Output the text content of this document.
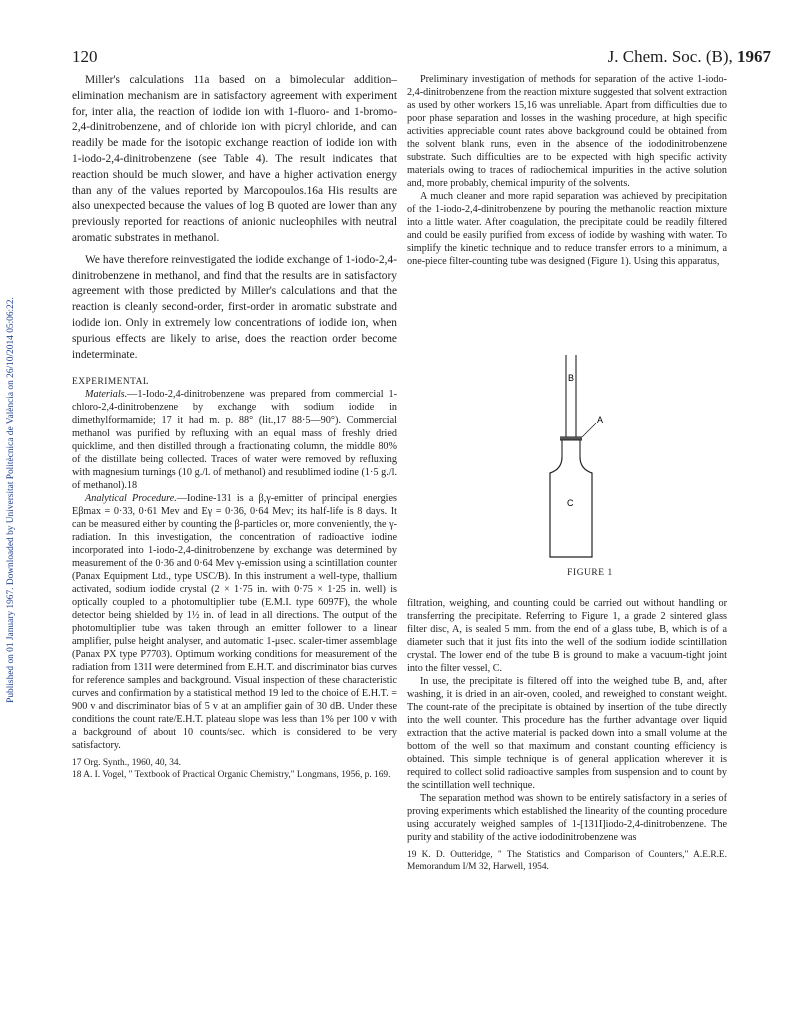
Published on 01 January 1967. Downloaded by Universitat Politècnica de València on 26/10/2014 05:06:22.
120	J. Chem. Soc. (B), 1967

Miller's calculations 11a based on a bimolecular addition–elimination mechanism are in satisfactory agreement with experiment for, inter alia, the reaction of iodide ion with 1-fluoro- and 1-bromo-2,4-dinitrobenzene, and of chloride ion with picryl chloride, and can readily be made for the isotopic exchange reaction of iodide ion with 1-iodo-2,4-dinitrobenzene (see Table 4). The result indicates that reaction should be much slower, and have a higher activation energy than any of the values reported by Marcopoulos.16a His results are also unexpected because the values of log B quoted are lower than any previously reported for reactions of anionic nucleophiles with neutral aromatic substrates in methanol.

We have therefore reinvestigated the iodide exchange of 1-iodo-2,4-dinitrobenzene in methanol, and find that the results are in satisfactory agreement with those predicted by Miller's calculations and that the reaction is cleanly second-order, first-order in aromatic substrate and iodide ion. Only in extremely low concentrations of iodide ion, when spurious effects are likely to arise, does the reaction order become indeterminate.

EXPERIMENTAL

Materials.—1-Iodo-2,4-dinitrobenzene was prepared from commercial 1-chloro-2,4-dinitrobenzene by exchange with sodium iodide in dimethylformamide; 17 it had m. p. 88° (lit.,17 88·5—90°). Commercial methanol was purified by refluxing with an equal mass of freshly dried quicklime, and then distilled through a fractionating column, the middle 80% of the distillate being collected. Traces of water were removed by refluxing with magnesium turnings (10 g./l. of methanol) and resublimed iodine (1·5 g./l. of methanol).18

Analytical Procedure.—Iodine-131 is a β,γ-emitter of principal energies Eβmax = 0·33, 0·61 Mev and Eγ = 0·36, 0·64 Mev; its half-life is 8 days. It can be measured either by counting the β-particles or, more conveniently, the γ-radiation. In this investigation, the concentration of radioactive iodine incorporated into 1-iodo-2,4-dinitrobenzene by exchange was determined by measurement of the 0·36 and 0·64 Mev γ-emission using a scintillation counter (Panax Equipment Ltd., type USC/B). In this instrument a well-type, thallium activated, sodium iodide crystal (2 × 1·75 in. with 0·75 × 1·25 in. well) is optically coupled to a photomultiplier tube (E.M.I. type 6097F), the whole detector being shielded by 1½ in. of lead in all directions. The output of the photomultiplier tube was taken through an emitter follower to a linear amplifier, pulse height analyser, and automatic 1-μsec. scaler-timer assemblage (Panax PX type P7703). Optimum working conditions for measurement of the radiation from 131I were determined from E.H.T. and discriminator bias curves for reference samples and background. Visual inspection of these characteristic curves and confirmation by a statistical method 19 led to the choice of E.H.T. = 900 v and discriminator bias of 5 v at an amplifier gain of 30 dB. Under these conditions the count rate/E.H.T. plateau slope was less than 1% per 100 v with a background of about 10 counts/sec. which is considered to be very satisfactory.

17 Org. Synth., 1960, 40, 34.

18 A. I. Vogel, " Textbook of Practical Organic Chemistry," Longmans, 1956, p. 169.

Preliminary investigation of methods for separation of the active 1-iodo-2,4-dinitrobenzene from the reaction mixture suggested that solvent extraction as used by other workers 15,16 was unreliable. Apart from difficulties due to poor phase separation and losses in the washing procedure, at high specific activities appreciable count rates above background could be obtained from the solvent blank runs, even in the absence of the iododinitrobenzene substrate. Such difficulties are to be expected with high specific activity materials owing to traces of radiochemical impurities in the active solution and, more probably, chemical impurity of the solvents.

A much cleaner and more rapid separation was achieved by precipitation of the 1-iodo-2,4-dinitrobenzene by pouring the methanolic reaction mixture into a little water. After coagulation, the precipitate could be readily filtered and could be easily purified from excess of iodide by washing with water. To simplify the kinetic technique and to reduce transfer errors to a minimum, a one-piece filter-counting tube was designed (Figure 1). Using this apparatus,

B
A
C
FIGURE 1

filtration, weighing, and counting could be carried out without handling or transferring the precipitate. Referring to Figure 1, a grade 2 sintered glass filter disc, A, is sealed 5 mm. from the end of a glass tube, B, which is of a diameter such that it just fits into the well of the sodium iodide scintillation crystal. The lower end of the tube B is ground to make a vacuum-tight joint into the filter vessel, C.

In use, the precipitate is filtered off into the weighed tube B, and, after washing, it is dried in an air-oven, cooled, and reweighed to constant weight. The count-rate of the precipitate is obtained by insertion of the tube directly into the well counter. This procedure has the further advantage over liquid extraction that the active material is packed down into a small volume at the bottom of the well so that maximum and constant counting efficiency is obtained. This simple technique is of general application wherever it is required to collect solid radioactive samples from suspension and to count by the scintillation well technique.

The separation method was shown to be entirely satisfactory in a series of proving experiments which established the linearity of the counting procedure using accurately weighed samples of 1-[131I]iodo-2,4-dinitrobenzene. The purity and stability of the active iododinitrobenzene was

19 K. D. Outteridge, " The Statistics and Comparison of Counters," A.E.R.E. Memorandum I/M 32, Harwell, 1954.
